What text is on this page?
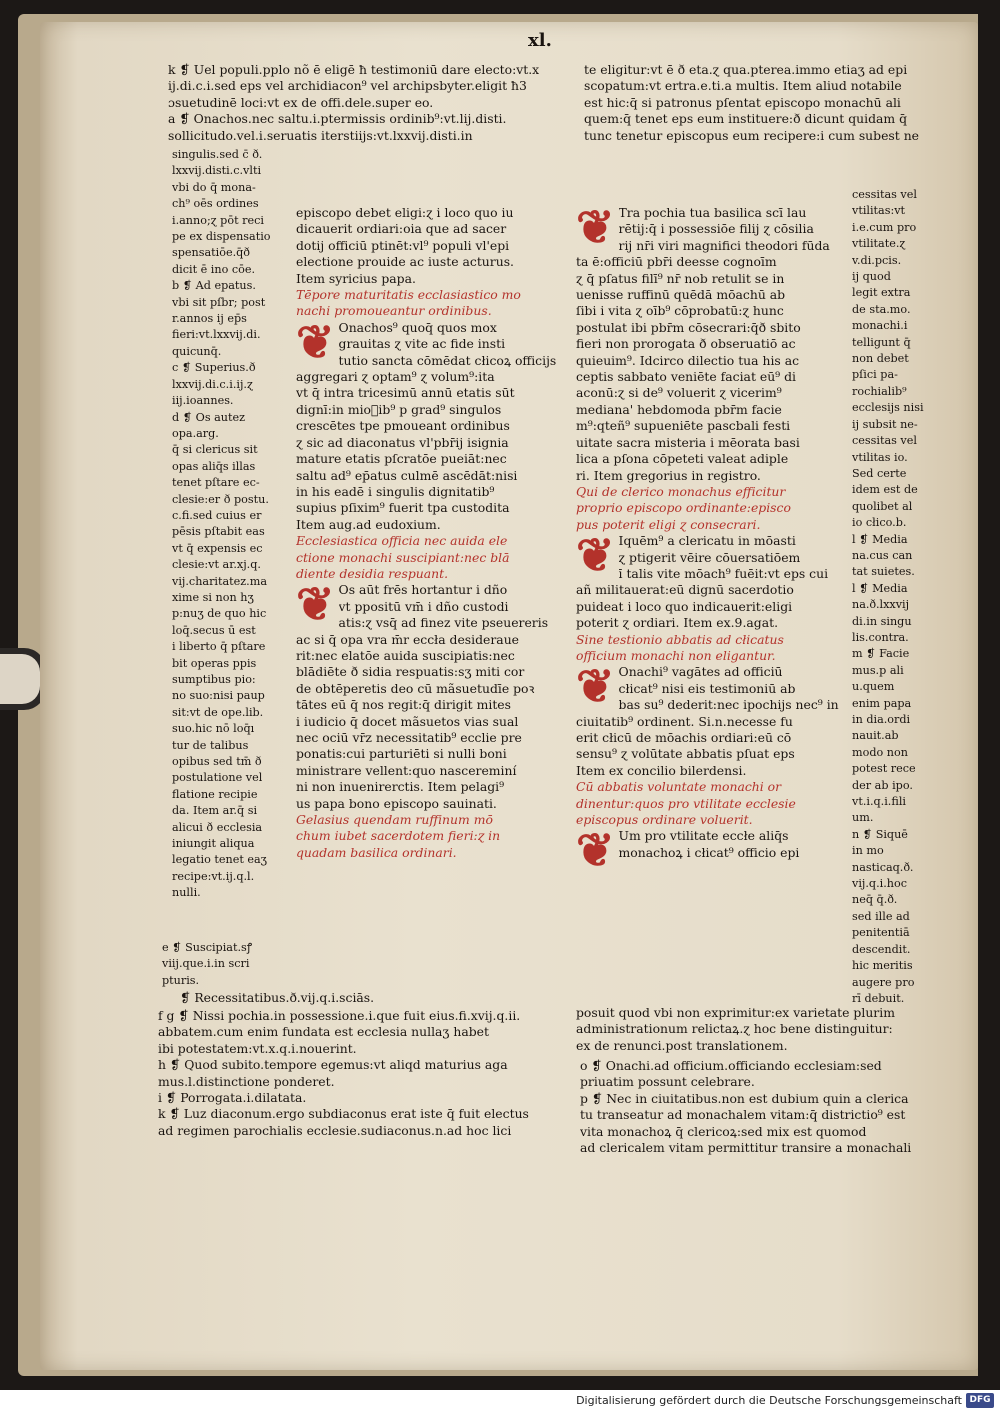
xl.
k ❡ Uel populi.pplo nõ ē eligē ħ testimoniū dare electo:vt.x
ij.di.c.i.sed eps vel archidiacon⁹ vel archipsbyter.eligit ħ3
ɔsuetudinē loci:vt ex de offi.dele.super eo.
a ❡ Onachos.nec saltu.i.ptermissis ordinib⁹:vt.lij.disti.
sollicitudo.vel.i.seruatis iterstiijs:vt.lxxvij.disti.in
te eligitur:vt ē ð eta.ɀ qua.pterea.immo etiaʒ ad epi
scopatum:vt ertra.e.ti.a multis. Item aliud notabile
est hic:q̄ si patronus pſentat episcopo monachū ali
quem:q̄ tenet eps eum instituere:ð dicunt quidam q̄
tunc tenetur episcopus eum recipere:i cum subest ne
singulis.sed c̄ ð.
lxxvij.disti.c.vlti
vbi do q̄ mona-
ch⁹ oēs ordines
i.anno;ɀ pōt reci
pe ex dispensatio
spensatiōe.q̄ð
dicit ē ino cōe.
b ❡ Ad epatus.
vbi sit pſbr; post
r.annos ij ep̄s
fieri:vt.lxxvij.di.
quicunq̄.
c ❡ Superius.ð
lxxvij.di.c.i.ij.ɀ
iij.ioannes.
d ❡ Os autez
opa.arg.
q̄ si clericus sit
opas aliq̄s illas
tenet pſtare ec-
clesie:er ð postu.
c.fi.sed cuius er
pēsis pſtabit eas
vt q̄ expensis ec
clesie:vt ar.xj.q.
vij.charitatez.ma
xime si non hʒ
p:nuʒ de quo hic
loq̄.secus ū est
i liberto q̄ pſtare
bit operas ppis
sumptibus pio:
no suo:nisi paup
sit:vt de ope.lib.
suo.hic nō loq̄ı
tur de talibus
opibus sed tm̄ ð
postulatione vel
flatione recipie
da. Item ar.q̄ si
alicui ð ecclesia
iniungit aliqua
legatio tenet eaʒ
recipe:vt.ij.q.l.
nulli.
e ❡ Suscipiat.sꝭ
viij.que.i.in scri
pturis.
episcopo debet eligi:ɀ i loco quo iu
dicauerit ordiari:oia que ad sacer
dotij officiū ptinēt:vl⁹ populi vl'epi
electione prouide ac iuste acturus.
Item syricius papa.
Tēpore maturitatis ecclasiastico mo
nachi promoueantur ordinibus.
❦ Onachos⁹ quoq̄ quos mox
grauitas ɀ vite ac fide insti
tutio sancta cōmēdat cłicoꝝ officijs
aggregari ɀ optam⁹ ɀ volum⁹:ita
vt q̄ intra tricesimū annū etatis sūt
dignī:in mioᷓib⁹ p grad⁹ singulos
crescētes tpe pmoueant ordinibus
ɀ sic ad diaconatus vl'pbr̄ij isignia
mature etatis pſcratōe pueiāt:nec
saltu ad⁹ ep̄atus culmē ascēdāt:nisi
in his eadē i singulis dignitatib⁹
supius pſixim⁹ fuerit tpa custodita
Item aug.ad eudoxium.
Ecclesiastica officia nec auida ele
ctione monachi suscipiant:nec blā
diente desidia respuant.
❦ Os aūt frēs hortantur i dño
vt ppositū vm̄ i dño custodi
atis:ɀ vsq̄ ad finez vite pseuereris
ac si q̄ opa vra m̄r eccła desideraue
rit:nec elatōe auida suscipiatis:nec
blādiēte ð sidia respuatis:sʒ miti cor
de obtēperetis deo cū mãsuetudīe poꝛ
tātes eū q̄ nos regit:q̄ dirigit mites
i iudicio q̄ docet mãsuetos vias sual
nec ociū vr̄z necessitatib⁹ ecclie pre
ponatis:cui parturiēti si nulli boni
ministrare vellent:quo nascereminí
ni non inuenirerctis. Item pelagi⁹
us papa bono episcopo sauinati.
Gelasius quendam ruffinum mō
chum iubet sacerdotem fieri:ɀ in
quadam basilica ordinari.
❦ Tra pochia tua basilica scī lau
rētij:q̄ i possessiōe filij ɀ cōsilia
rij nr̄i viri magnifici theodori fūda
ta ē:officiū pbr̄i deesse cognoīm
ɀ q̄ pſatus filī⁹ nr̄ nob retulit se in
uenisse ruffinū quēdā mōachū ab
ſibi i vita ɀ oīb⁹ cōprobatū:ɀ hunc
postulat ibi pbr̄m cōsecrari:q̄ð sbito
fieri non prorogata ð obseruatiō ac
quieuim⁹. Idcirco dilectio tua his ac
ceptis sabbato veniēte faciat eū⁹ di
aconū:ɀ si de⁹ voluerit ɀ vicerim⁹
mediana' hebdomoda pbr̄m facie
m⁹:qteñ⁹ supueniēte pascbali festi
uitate sacra misteria i mēorata basi
lica a pſona cōpeteti valeat adiple
ri. Item gregorius in registro.
Qui de clerico monachus efficitur
proprio episcopo ordinante:episco
pus poterit eligi ɀ consecrari.
❦ Iquēm⁹ a clericatu in mōasti
ɀ ptigerit vēire cōuersatiōem
ī talis vite mōach⁹ fuēit:vt eps cui
añ militauerat:eū dignū sacerdotio
puideat i loco quo indicauerit:eligi
poterit ɀ ordiari. Item ex.9.agat.
Sine testionio abbatis ad cłicatus
officium monachi non eligantur.
❦ Onachi⁹ vagātes ad officiū
cłicat⁹ nisi eis testimoniū ab
bas su⁹ dederit:nec ipochijs nec⁹ in
ciuitatib⁹ ordinent. Si.n.necesse fu
erit cłicū de mōachis ordiari:eū cō
sensu⁹ ɀ volūtate abbatis pſuat eps
Item ex concilio bilerdensi.
Cū abbatis voluntate monachi or
dinentur:quos pro vtilitate ecclesie
episcopus ordinare voluerit.
❦ Um pro vtilitate eccłe aliq̄s
monachoꝝ i cłicat⁹ officio epi
cessitas vel
vtilitas:vt
i.e.cum pro
vtilitate.ɀ
v.di.pcis.
ij quod
legit extra
de sta.mo.
monachi.i
telligunt q̄
non debet
pſici pa-
rochialib⁹
ecclesijs nisi
ij subsit ne-
cessitas vel
vtilitas io.
Sed certe
idem est de
quolibet al
io cłico.b.
l ❡ Media
na.cus can
tat suietes.
l ❡ Media
na.ð.lxxvij
di.in singu
lis.contra.
m ❡ Facie
mus.p ali
u.quem
enim papa
in dia.ordi
nauit.ab
modo non
potest rece
der ab ipo.
vt.i.q.i.fili
um.
n ❡ Siquē
in mo
nasticaq.ð.
vij.q.i.hoc
neq̄ q̄.ð.
sed ille ad
penitentiā
descendit.
hic meritis
augere pro
rī debuit.
posuit quod vbi non exprimitur:ex varietate plurim
administrationum relictaꝝ.ɀ hoc bene distinguitur:
ex de renunci.post translationem.
❡ Recessitatibus.ð.vij.q.i.sciās.
f g ❡ Nissi pochia.in possessione.i.que fuit eius.fi.xvij.q.ii.
abbatem.cum enim fundata est ecclesia nullaʒ habet
ibi potestatem:vt.x.q.i.nouerint.
h ❡ Quod subito.tempore egemus:vt aliqd maturius aga
mus.l.distinctione ponderet.
i ❡ Porrogata.i.dilatata.
k ❡ Luz diaconum.ergo subdiaconus erat iste q̄ fuit electus
ad regimen parochialis ecclesie.sudiaconus.n.ad hoc lici
o ❡ Onachi.ad officium.officiando ecclesiam:sed
priuatim possunt celebrare.
p ❡ Nec in ciuitatibus.non est dubium quin a clerica
tu transeatur ad monachalem vitam:q̄ districtio⁹ est
vita monachoꝝ q̄ clericoꝝ:sed mix est quomod
ad clericalem vitam permittitur transire a monachali
Digitalisierung gefördert durch die Deutsche Forschungsgemeinschaft DFG
